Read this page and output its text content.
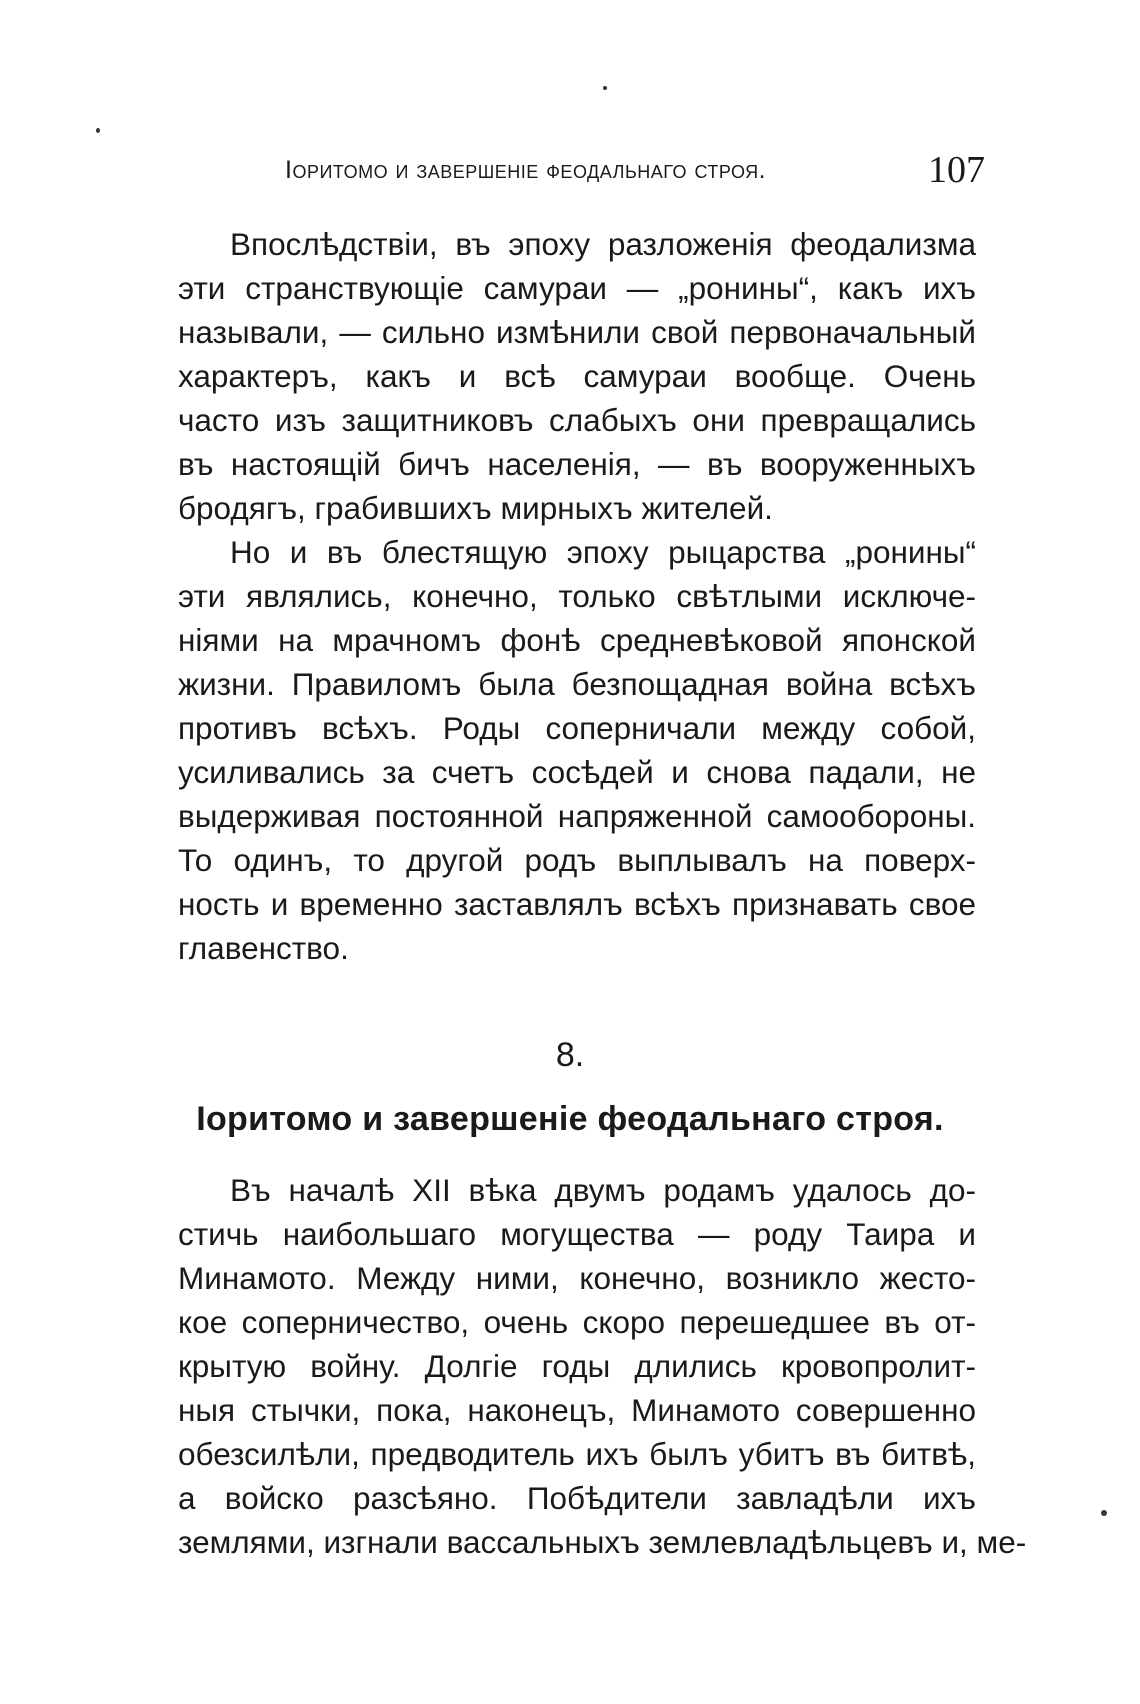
Іоритомо и завершеніе феодальнаго строя.	107
Впослѣдствіи, въ эпоху разложенія феодализма
эти странствующіе самураи — „ронины“, какъ ихъ
называли, — сильно измѣнили свой первоначальный
характеръ, какъ и всѣ самураи вообще. Очень
часто изъ защитниковъ слабыхъ они превращались
въ настоящій бичъ населенія, — въ вооруженныхъ
бродягъ, грабившихъ мирныхъ жителей.
Но и въ блестящую эпоху рыцарства „ронины“
эти являлись, конечно, только свѣтлыми исключе-
ніями на мрачномъ фонѣ средневѣковой японской
жизни. Правиломъ была безпощадная война всѣхъ
противъ всѣхъ. Роды соперничали между собой,
усиливались за счетъ сосѣдей и снова падали, не
выдерживая постоянной напряженной самообороны.
То одинъ, то другой родъ выплывалъ на поверх-
ность и временно заставлялъ всѣхъ признавать свое
главенство.
8.
Іоритомо и завершеніе феодальнаго строя.
Въ началѣ XII вѣка двумъ родамъ удалось до-
стичь наибольшаго могущества — роду Таира и
Минамото. Между ними, конечно, возникло жесто-
кое соперничество, очень скоро перешедшее въ от-
крытую войну. Долгіе годы длились кровопролит-
ныя стычки, пока, наконецъ, Минамото совершенно
обезсилѣли, предводитель ихъ былъ убитъ въ битвѣ,
а войско разсѣяно. Побѣдители завладѣли ихъ
землями, изгнали вассальныхъ землевладѣльцевъ и, ме-
